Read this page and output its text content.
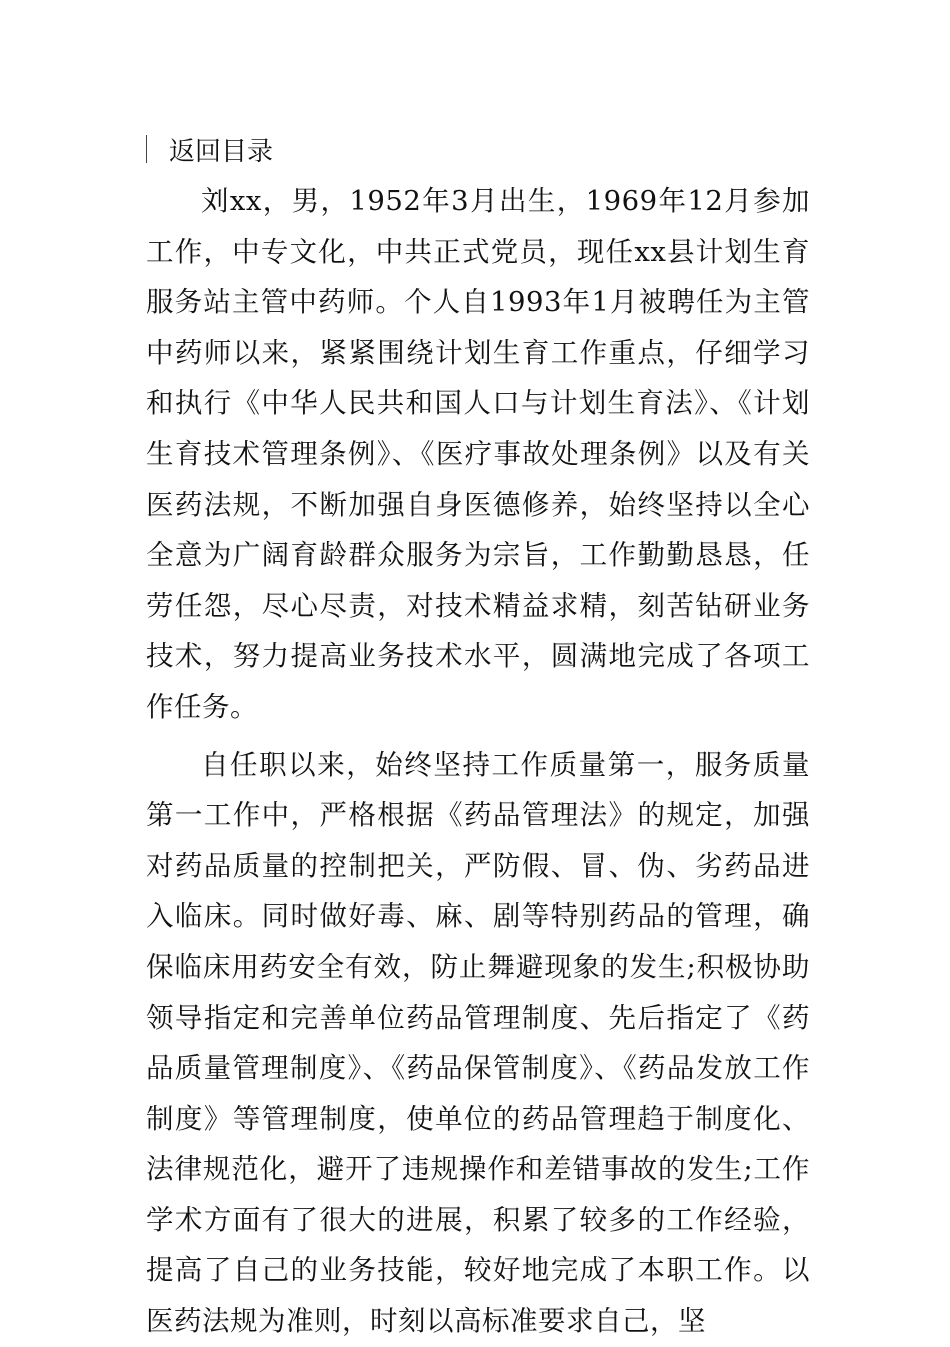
返回目录

刘xx，男，1952年3月出生，1969年12月参加工作，中专文化，中共正式党员，现任xx县计划生育服务站主管中药师。个人自1993年1月被聘任为主管中药师以来，紧紧围绕计划生育工作重点，仔细学习和执行《中华人民共和国人口与计划生育法》、《计划生育技术管理条例》、《医疗事故处理条例》以及有关医药法规，不断加强自身医德修养，始终坚持以全心全意为广阔育龄群众服务为宗旨，工作勤勤恳恳，任劳任怨，尽心尽责，对技术精益求精，刻苦钻研业务技术，努力提高业务技术水平，圆满地完成了各项工作任务。

自任职以来，始终坚持工作质量第一，服务质量第一工作中，严格根据《药品管理法》的规定，加强对药品质量的控制把关，严防假、冒、伪、劣药品进入临床。同时做好毒、麻、剧等特别药品的管理，确保临床用药安全有效，防止舞避现象的发生;积极协助领导指定和完善单位药品管理制度、先后指定了《药品质量管理制度》、《药品保管制度》、《药品发放工作制度》等管理制度，使单位的药品管理趋于制度化、法律规范化，避开了违规操作和差错事故的发生;工作学术方面有了很大的进展，积累了较多的工作经验，提高了自己的业务技能，较好地完成了本职工作。以医药法规为准则，时刻以高标准要求自己，坚
